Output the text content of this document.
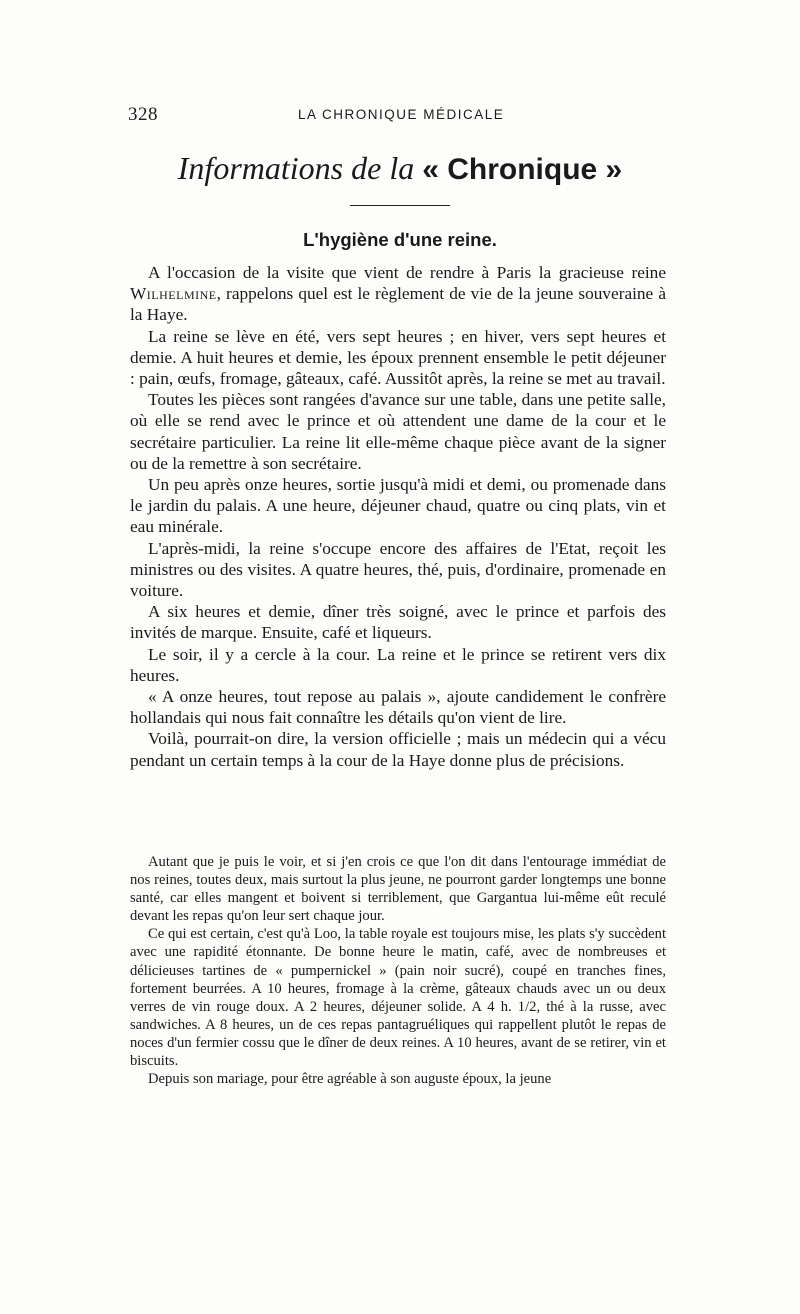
328	LA CHRONIQUE MÉDICALE
Informations de la « Chronique »
L'hygiène d'une reine.

A l'occasion de la visite que vient de rendre à Paris la gracieuse reine Wilhelmine, rappelons quel est le règlement de vie de la jeune souveraine à la Haye.

La reine se lève en été, vers sept heures ; en hiver, vers sept heures et demie. A huit heures et demie, les époux prennent ensemble le petit déjeuner : pain, œufs, fromage, gâteaux, café. Aussitôt après, la reine se met au travail.

Toutes les pièces sont rangées d'avance sur une table, dans une petite salle, où elle se rend avec le prince et où attendent une dame de la cour et le secrétaire particulier. La reine lit elle-même chaque pièce avant de la signer ou de la remettre à son secrétaire.

Un peu après onze heures, sortie jusqu'à midi et demi, ou promenade dans le jardin du palais. A une heure, déjeuner chaud, quatre ou cinq plats, vin et eau minérale.

L'après-midi, la reine s'occupe encore des affaires de l'Etat, reçoit les ministres ou des visites. A quatre heures, thé, puis, d'ordinaire, promenade en voiture.

A six heures et demie, dîner très soigné, avec le prince et parfois des invités de marque. Ensuite, café et liqueurs.

Le soir, il y a cercle à la cour. La reine et le prince se retirent vers dix heures.

« A onze heures, tout repose au palais », ajoute candidement le confrère hollandais qui nous fait connaître les détails qu'on vient de lire.

Voilà, pourrait-on dire, la version officielle ; mais un médecin qui a vécu pendant un certain temps à la cour de la Haye donne plus de précisions.

Autant que je puis le voir, et si j'en crois ce que l'on dit dans l'entourage immédiat de nos reines, toutes deux, mais surtout la plus jeune, ne pourront garder longtemps une bonne santé, car elles mangent et boivent si terriblement, que Gargantua lui-même eût reculé devant les repas qu'on leur sert chaque jour.

Ce qui est certain, c'est qu'à Loo, la table royale est toujours mise, les plats s'y succèdent avec une rapidité étonnante. De bonne heure le matin, café, avec de nombreuses et délicieuses tartines de « pumpernickel » (pain noir sucré), coupé en tranches fines, fortement beurrées. A 10 heures, fromage à la crème, gâteaux chauds avec un ou deux verres de vin rouge doux. A 2 heures, déjeuner solide. A 4 h. 1/2, thé à la russe, avec sandwiches. A 8 heures, un de ces repas pantagruéliques qui rappellent plutôt le repas de noces d'un fermier cossu que le dîner de deux reines. A 10 heures, avant de se retirer, vin et biscuits.

Depuis son mariage, pour être agréable à son auguste époux, la jeune
